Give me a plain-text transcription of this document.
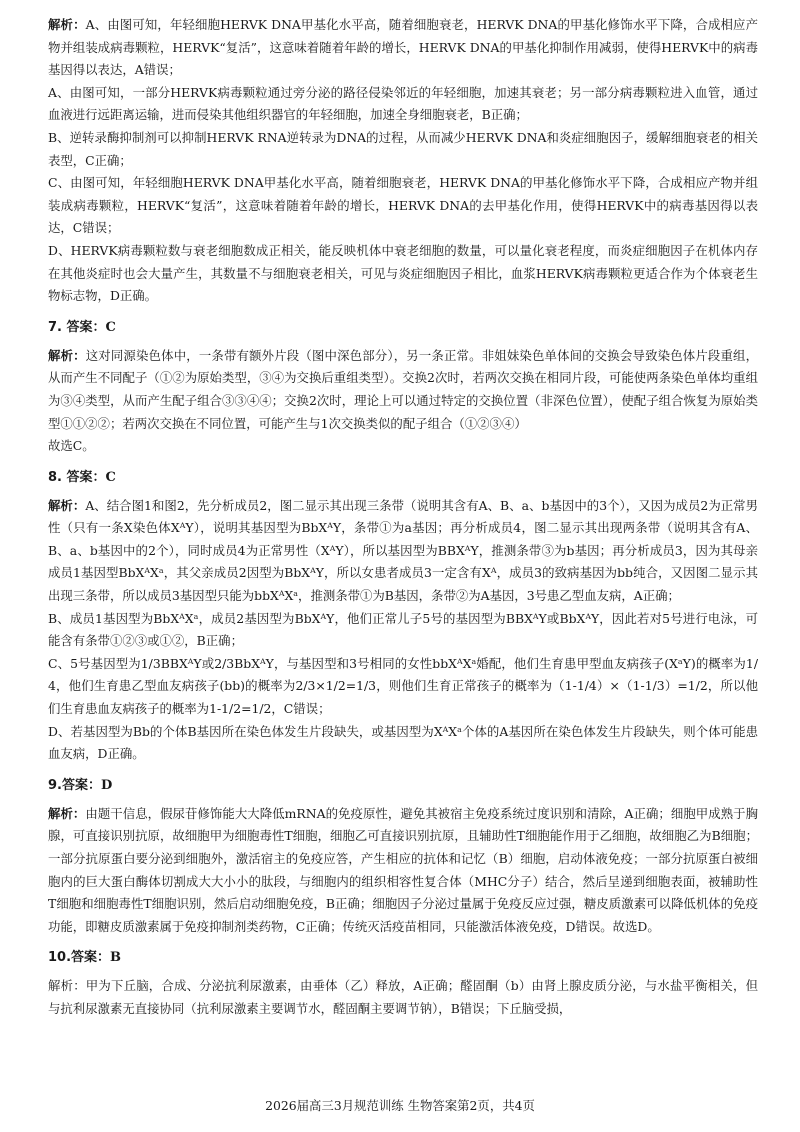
解析：A、由图可知，年轻细胞HERVK DNA甲基化水平高，随着细胞衰老，HERVK DNA的甲基化修饰水平下降，合成相应产物并组装成病毒颗粒，HERVK“复活”，这意味着随着年龄的增长，HERVK DNA的甲基化抑制作用减弱，使得HERVK中的病毒基因得以表达，A错误；

A、由图可知，一部分HERVK病毒颗粒通过旁分泌的路径侵染邻近的年轻细胞，加速其衰老；另一部分病毒颗粒进入血管，通过血液进行远距离运输，进而侵染其他组织器官的年轻细胞，加速全身细胞衰老，B正确；

B、逆转录酶抑制剂可以抑制HERVK RNA逆转录为DNA的过程，从而减少HERVK DNA和炎症细胞因子，缓解细胞衰老的相关表型，C正确；

C、由图可知，年轻细胞HERVK DNA甲基化水平高，随着细胞衰老，HERVK DNA的甲基化修饰水平下降，合成相应产物并组装成病毒颗粒，HERVK“复活”，这意味着随着年龄的增长，HERVK DNA的去甲基化作用，使得HERVK中的病毒基因得以表达，C错误；

D、HERVK病毒颗粒数与衰老细胞数成正相关，能反映机体中衰老细胞的数量，可以量化衰老程度，而炎症细胞因子在机体内存在其他炎症时也会大量产生，其数量不与细胞衰老相关，可见与炎症细胞因子相比，血浆HERVK病毒颗粒更适合作为个体衰老生物标志物，D正确。

7. 答案：C

解析：这对同源染色体中，一条带有额外片段（图中深色部分），另一条正常。非姐妹染色单体间的交换会导致染色体片段重组，从而产生不同配子（①②为原始类型，③④为交换后重组类型）。交换2次时，若两次交换在相同片段，可能使两条染色单体均重组为③④类型，从而产生配子组合③③④④；交换2次时，理论上可以通过特定的交换位置（非深色位置），使配子组合恢复为原始类型①①②②；若两次交换在不同位置，可能产生与1次交换类似的配子组合（①②③④）

故选C。

8. 答案：C

解析：A、结合图1和图2，先分析成员2，图二显示其出现三条带（说明其含有A、B、a、b基因中的3个），又因为成员2为正常男性（只有一条X染色体XᴬY），说明其基因型为BbXᴬY，条带①为a基因；再分析成员4，图二显示其出现两条带（说明其含有A、B、a、b基因中的2个），同时成员4为正常男性（XᴬY），所以基因型为BBXᴬY，推测条带③为b基因；再分析成员3，因为其母亲成员1基因型BbXᴬXᵃ，其父亲成员2因型为BbXᴬY，所以女患者成员3一定含有Xᴬ，成员3的致病基因为bb纯合，又因图二显示其出现三条带，所以成员3基因型只能为bbXᴬXᵃ，推测条带①为B基因，条带②为A基因，3号患乙型血友病，A正确；

B、成员1基因型为BbXᴬXᵃ，成员2基因型为BbXᴬY，他们正常儿子5号的基因型为BBXᴬY或BbXᴬY，因此若对5号进行电泳，可能含有条带①②③或①②，B正确；

C、5号基因型为1/3BBXᴬY或2/3BbXᴬY，与基因型和3号相同的女性bbXᴬXᵃ婚配，他们生育患甲型血友病孩子(XᵃY)的概率为1/4，他们生育患乙型血友病孩子(bb)的概率为2/3×1/2=1/3，则他们生育正常孩子的概率为（1-1/4）×（1-1/3）=1/2，所以他们生育患血友病孩子的概率为1-1/2=1/2，C错误；

D、若基因型为Bb的个体B基因所在染色体发生片段缺失，或基因型为XᴬXᵃ个体的A基因所在染色体发生片段缺失，则个体可能患血友病，D正确。

9.答案：D

解析：由题干信息，假尿苷修饰能大大降低mRNA的免疫原性，避免其被宿主免疫系统过度识别和清除，A正确；细胞甲成熟于胸腺，可直接识别抗原，故细胞甲为细胞毒性T细胞，细胞乙可直接识别抗原，且辅助性T细胞能作用于乙细胞，故细胞乙为B细胞；一部分抗原蛋白要分泌到细胞外，激活宿主的免疫应答，产生相应的抗体和记忆（B）细胞，启动体液免疫；一部分抗原蛋白被细胞内的巨大蛋白酶体切割成大大小小的肽段，与细胞内的组织相容性复合体（MHC分子）结合，然后呈递到细胞表面，被辅助性T细胞和细胞毒性T细胞识别，然后启动细胞免疫，B正确；细胞因子分泌过量属于免疫反应过强，糖皮质激素可以降低机体的免疫功能，即糖皮质激素属于免疫抑制剂类药物，C正确；传统灭活疫苗相同，只能激活体液免疫，D错误。故选D。

10.答案：B

解析：甲为下丘脑，合成、分泌抗利尿激素，由垂体（乙）释放，A正确；醛固酮（b）由肾上腺皮质分泌，与水盐平衡相关，但与抗利尿激素无直接协同（抗利尿激素主要调节水，醛固酮主要调节钠），B错误；下丘脑受损，

2026届高三3月规范训练 生物答案第2页，共4页
